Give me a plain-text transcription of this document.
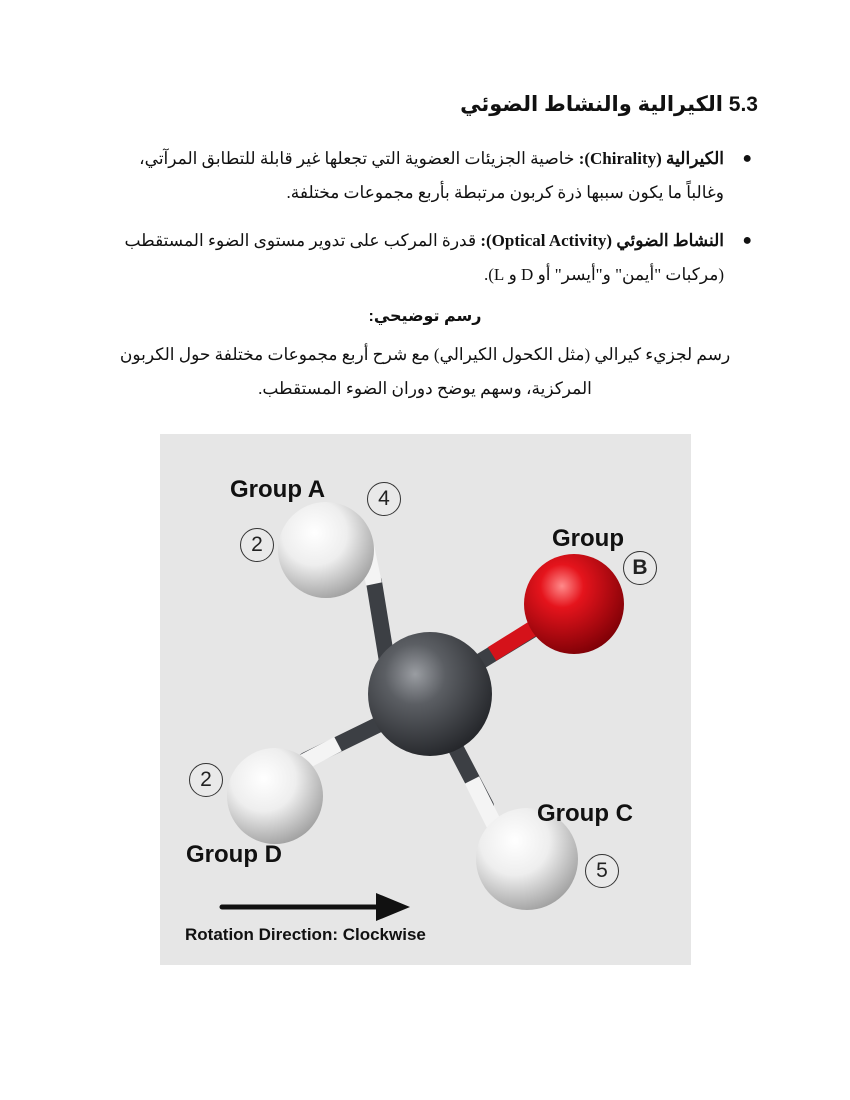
5.3 الكيرالية والنشاط الضوئي
●
الكيرالية (Chirality): خاصية الجزيئات العضوية التي تجعلها غير قابلة للتطابق المرآتي، وغالباً ما يكون سببها ذرة كربون مرتبطة بأربع مجموعات مختلفة.
●
النشاط الضوئي (Optical Activity): قدرة المركب على تدوير مستوى الضوء المستقطب (مركبات "أيمن" و"أيسر" أو D و L).
رسم توضيحي:
رسم لجزيء كيرالي (مثل الكحول الكيرالي) مع شرح أربع مجموعات مختلفة حول الكربون المركزية، وسهم يوضح دوران الضوء المستقطب.
Group A	4
2	Group
B
2
Group C
5
Group D
Rotation Direction: Clockwise
